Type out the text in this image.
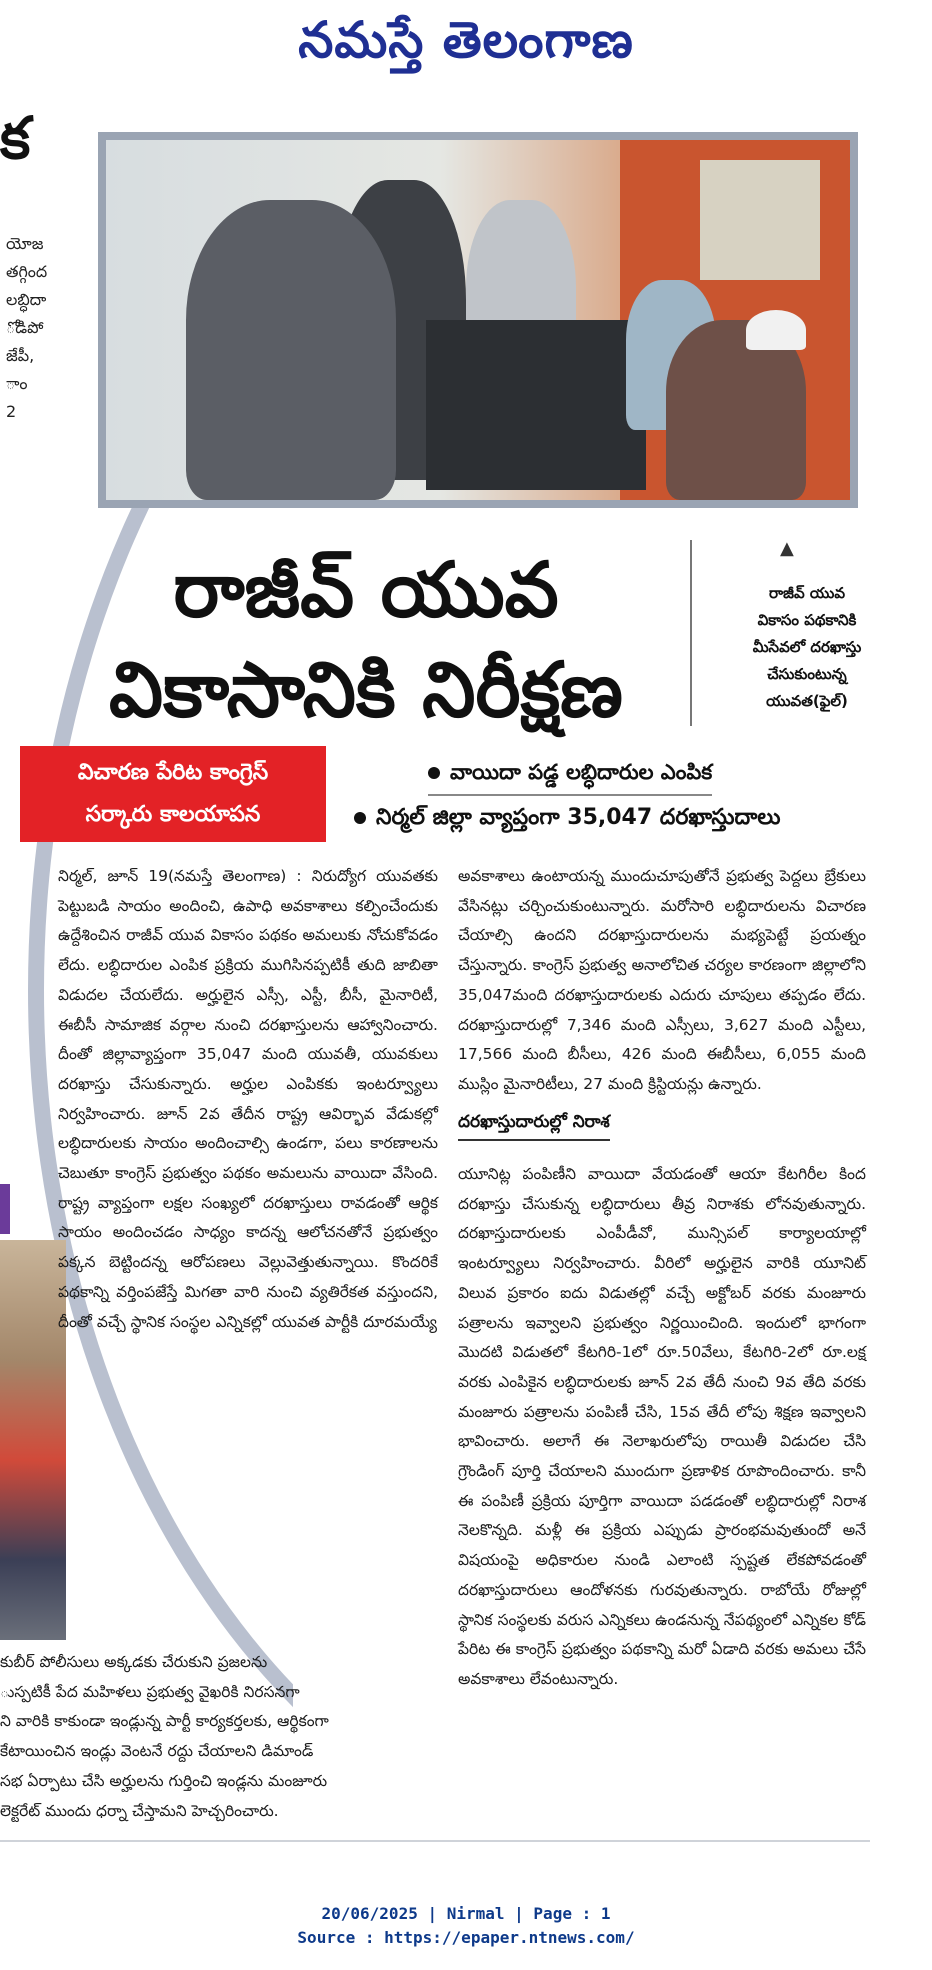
నమస్తే తెలంగాణ
క
యోజ
తగ్గింద
లబ్ధిదా
ోడిపో
జేపీ,
ాం
2
రాజీవ్ యువ
వికాసానికి నిరీక్షణ
▲
రాజీవ్ యువ
వికాసం పథకానికి
మీసేవలో దరఖాస్తు
చేసుకుంటున్న
యువత(ఫైల్)
విచారణ పేరిట కాంగ్రెస్
సర్కారు కాలయాపన
వాయిదా పడ్డ లబ్ధిదారుల ఎంపిక
నిర్మల్ జిల్లా వ్యాప్తంగా 35,047 దరఖాస్తుదాలు

నిర్మల్, జూన్ 19(నమస్తే తెలంగాణ) : నిరుద్యోగ యువతకు పెట్టుబడి సాయం అందించి, ఉపాధి అవకాశాలు కల్పించేందుకు ఉద్దేశించిన రాజీవ్ యువ వికాసం పథకం అమలుకు నోచుకోవడం లేదు. లబ్ధిదారుల ఎంపిక ప్రక్రియ ముగిసినప్పటికీ తుది జాబితా విడుదల చేయలేదు. అర్హులైన ఎస్సీ, ఎస్టీ, బీసీ, మైనారిటీ, ఈబీసీ సామాజిక వర్గాల నుంచి దరఖాస్తులను ఆహ్వానించారు. దీంతో జిల్లావ్యాప్తంగా 35,047 మంది యువతీ, యువకులు దరఖాస్తు చేసుకున్నారు. అర్హుల ఎంపికకు ఇంటర్వ్యూలు నిర్వహించారు. జూన్ 2వ తేదీన రాష్ట్ర ఆవిర్భావ వేడుకల్లో లబ్ధిదారులకు సాయం అందించాల్సి ఉండగా, పలు కారణాలను చెబుతూ కాంగ్రెస్ ప్రభుత్వం పథకం అమలును వాయిదా వేసింది. రాష్ట్ర వ్యాప్తంగా లక్షల సంఖ్యలో దరఖాస్తులు రావడంతో ఆర్థిక సాయం అందించడం సాధ్యం కాదన్న ఆలోచనతోనే ప్రభుత్వం పక్కన బెట్టిందన్న ఆరోపణలు వెల్లువెత్తుతున్నాయి. కొందరికే పథకాన్ని వర్తింపజేస్తే మిగతా వారి నుంచి వ్యతిరేకత వస్తుందని, దీంతో వచ్చే స్థానిక సంస్థల ఎన్నికల్లో యువత పార్టీకి దూరమయ్యే

అవకాశాలు ఉంటాయన్న ముందుచూపుతోనే ప్రభుత్వ పెద్దలు బ్రేకులు వేసినట్లు చర్చించుకుంటున్నారు. మరోసారి లబ్ధిదారులను విచారణ చేయాల్సి ఉందని దరఖాస్తుదారులను మభ్యపెట్టే ప్రయత్నం చేస్తున్నారు. కాంగ్రెస్ ప్రభుత్వ అనాలోచిత చర్యల కారణంగా జిల్లాలోని 35,047మంది దరఖాస్తుదారులకు ఎదురు చూపులు తప్పడం లేదు. దరఖాస్తుదారుల్లో 7,346 మంది ఎస్సీలు, 3,627 మంది ఎస్టీలు, 17,566 మంది బీసీలు, 426 మంది ఈబీసీలు, 6,055 మంది ముస్లిం మైనారిటీలు, 27 మంది క్రిస్టియన్లు ఉన్నారు.

దరఖాస్తుదారుల్లో నిరాశ

యూనిట్ల పంపిణీని వాయిదా వేయడంతో ఆయా కేటగిరీల కింద దరఖాస్తు చేసుకున్న లబ్ధిదారులు తీవ్ర నిరాశకు లోనవుతున్నారు. దరఖాస్తుదారులకు ఎంపీడీవో, మున్సిపల్ కార్యాలయాల్లో ఇంటర్వ్యూలు నిర్వహించారు. వీరిలో అర్హులైన వారికి యూనిట్ విలువ ప్రకారం ఐదు విడుతల్లో వచ్చే అక్టోబర్ వరకు మంజూరు పత్రాలను ఇవ్వాలని ప్రభుత్వం నిర్ణయించింది. ఇందులో భాగంగా మొదటి విడుతలో కేటగిరి-1లో రూ.50వేలు, కేటగిరి-2లో రూ.లక్ష వరకు ఎంపికైన లబ్ధిదారులకు జూన్ 2వ తేదీ నుంచి 9వ తేది వరకు మంజూరు పత్రాలను పంపిణీ చేసి, 15వ తేదీ లోపు శిక్షణ ఇవ్వాలని భావించారు. అలాగే ఈ నెలాఖరులోపు రాయితీ విడుదల చేసి గ్రౌండింగ్ పూర్తి చేయాలని ముందుగా ప్రణాళిక రూపొందించారు. కానీ ఈ పంపిణీ ప్రక్రియ పూర్తిగా వాయిదా పడడంతో లబ్ధిదారుల్లో నిరాశ నెలకొన్నది. మళ్లీ ఈ ప్రక్రియ ఎప్పుడు ప్రారంభమవుతుందో అనే విషయంపై అధికారుల నుండి ఎలాంటి స్పష్టత లేకపోవడంతో దరఖాస్తుదారులు ఆందోళనకు గురవుతున్నారు. రాబోయే రోజుల్లో స్థానిక సంస్థలకు వరుస ఎన్నికలు ఉండనున్న నేపథ్యంలో ఎన్నికల కోడ్ పేరిట ఈ కాంగ్రెస్ ప్రభుత్వం పథకాన్ని మరో ఏడాది వరకు అమలు చేసే అవకాశాలు లేవంటున్నారు.

కుబీర్ పోలీసులు అక్కడకు చేరుకుని ప్రజలను
ుస్పటికీ పేద మహిళలు ప్రభుత్వ వైఖరికి నిరసనగా
ని వారికి కాకుండా ఇండ్లున్న పార్టీ కార్యకర్తలకు, ఆర్థికంగా
కేటాయించిన ఇండ్లు వెంటనే రద్దు చేయాలని డిమాండ్
సభ ఏర్పాటు చేసి అర్హులను గుర్తించి ఇండ్లను మంజూరు
లెక్టరేట్ ముందు ధర్నా చేస్తామని హెచ్చరించారు.
20/06/2025 | Nirmal | Page : 1
Source : https://epaper.ntnews.com/
